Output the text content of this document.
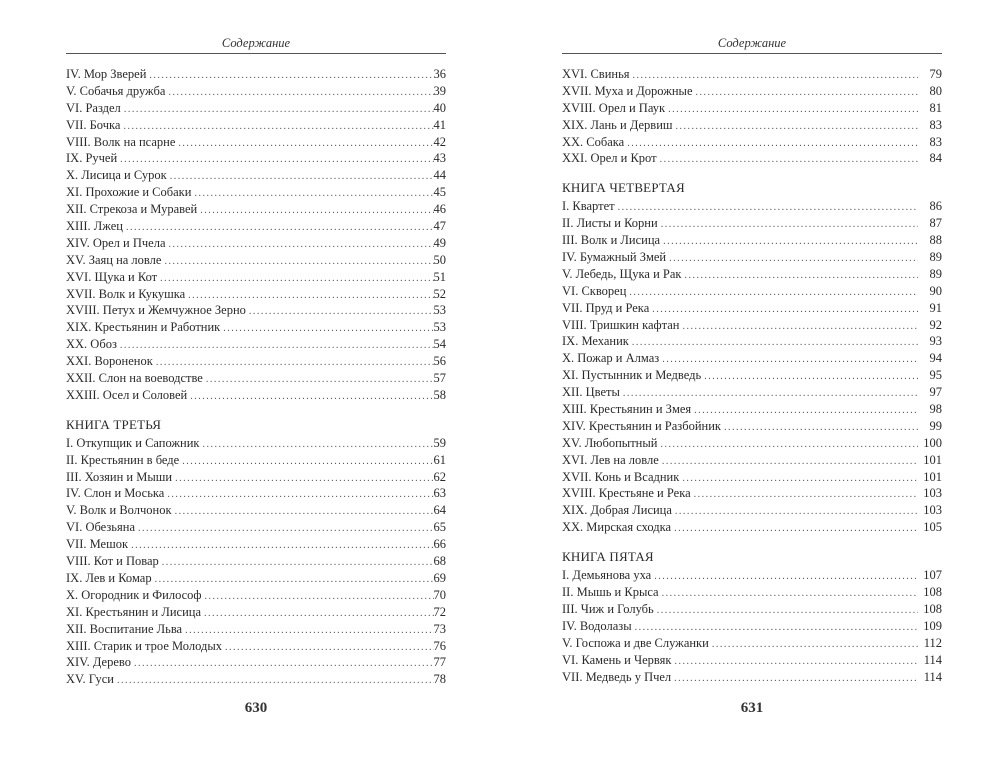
Содержание
IV. Мор Зверей . . .	36
V. Собачья дружба . . .	39
VI. Раздел . . .	40
VII. Бочка . . .	41
VIII. Волк на псарне . . .	42
IX. Ручей . . .	43
X. Лисица и Сурок . . .	44
XI. Прохожие и Собаки . . .	45
XII. Стрекоза и Муравей . . .	46
XIII. Лжец . . .	47
XIV. Орел и Пчела . . .	49
XV. Заяц на ловле . . .	50
XVI. Щука и Кот . . .	51
XVII. Волк и Кукушка . . .	52
XVIII. Петух и Жемчужное Зерно . . .	53
XIX. Крестьянин и Работник . . .	53
XX. Обоз . . .	54
XXI. Вороненок . . .	56
XXII. Слон на воеводстве . . .	57
XXIII. Осел и Соловей . . .	58
КНИГА ТРЕТЬЯ
I. Откупщик и Сапожник . . .	59
II. Крестьянин в беде . . .	61
III. Хозяин и Мыши . . .	62
IV. Слон и Моська . . .	63
V. Волк и Волчонок . . .	64
VI. Обезьяна . . .	65
VII. Мешок . . .	66
VIII. Кот и Повар . . .	68
IX. Лев и Комар . . .	69
X. Огородник и Философ . . .	70
XI. Крестьянин и Лисица . . .	72
XII. Воспитание Льва . . .	73
XIII. Старик и трое Молодых . . .	76
XIV. Дерево . . .	77
XV. Гуси . . .	78
630
Содержание
XVI. Свинья . . .	79
XVII. Муха и Дорожные . . .	80
XVIII. Орел и Паук . . .	81
XIX. Лань и Дервиш . . .	83
XX. Собака . . .	83
XXI. Орел и Крот . . .	84
КНИГА ЧЕТВЕРТАЯ
I. Квартет . . .	86
II. Листы и Корни . . .	87
III. Волк и Лисица . . .	88
IV. Бумажный Змей . . .	89
V. Лебедь, Щука и Рак . . .	89
VI. Скворец . . .	90
VII. Пруд и Река . . .	91
VIII. Тришкин кафтан . . .	92
IX. Механик . . .	93
X. Пожар и Алмаз . . .	94
XI. Пустынник и Медведь . . .	95
XII. Цветы . . .	97
XIII. Крестьянин и Змея . . .	98
XIV. Крестьянин и Разбойник . . .	99
XV. Любопытный . . .	100
XVI. Лев на ловле . . .	101
XVII. Конь и Всадник . . .	101
XVIII. Крестьяне и Река . . .	103
XIX. Добрая Лисица . . .	103
XX. Мирская сходка . . .	105
КНИГА ПЯТАЯ
I. Демьянова уха . . .	107
II. Мышь и Крыса . . .	108
III. Чиж и Голубь . . .	108
IV. Водолазы . . .	109
V. Госпожа и две Служанки . . .	112
VI. Камень и Червяк . . .	114
VII. Медведь у Пчел . . .	114
631
